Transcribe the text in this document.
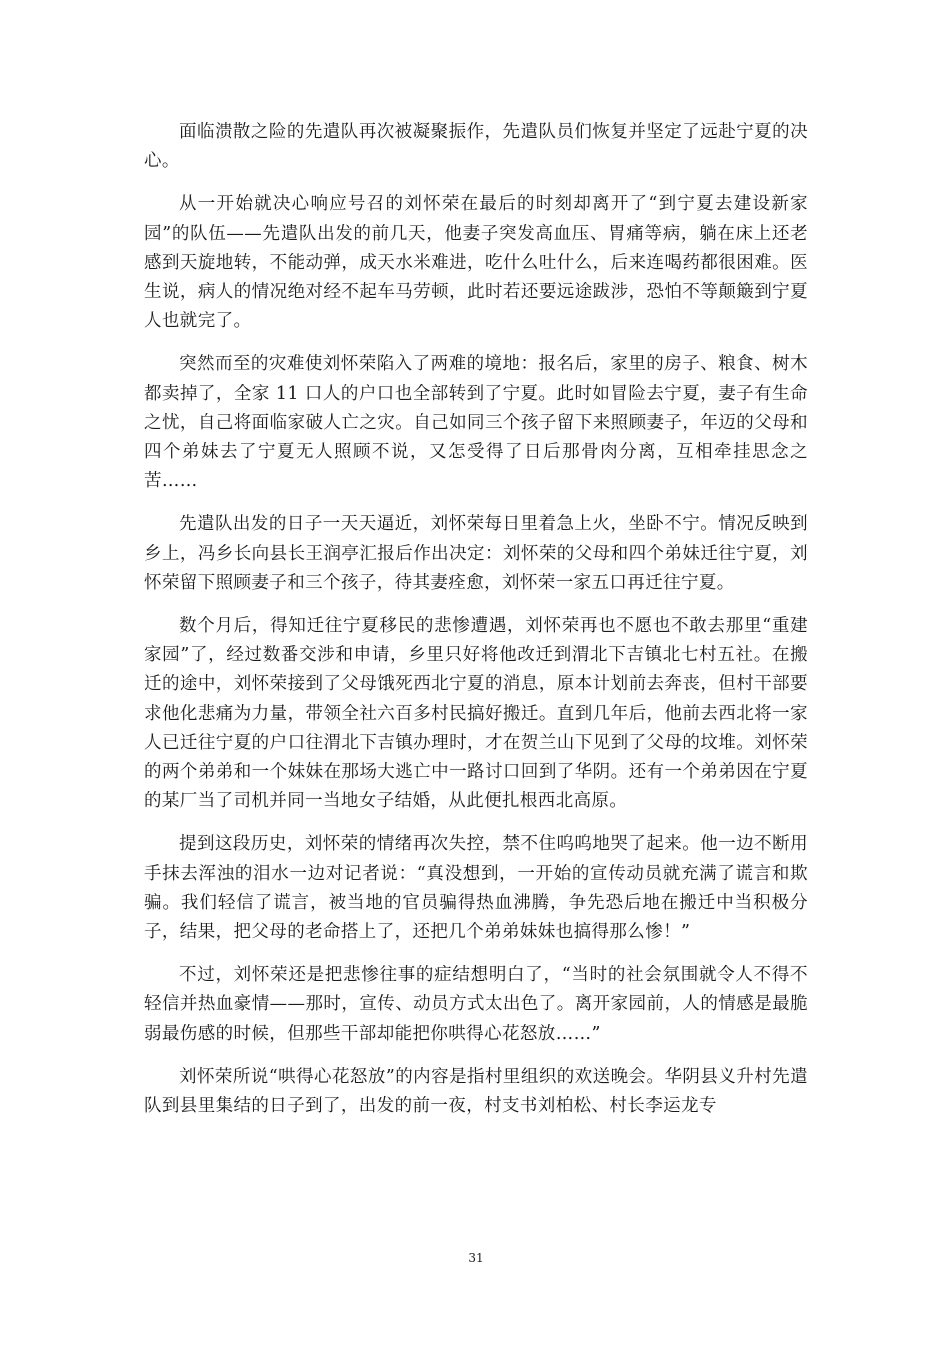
面临溃散之险的先遣队再次被凝聚振作，先遣队员们恢复并坚定了远赴宁夏的决心。

从一开始就决心响应号召的刘怀荣在最后的时刻却离开了“到宁夏去建设新家园”的队伍——先遣队出发的前几天，他妻子突发高血压、胃痛等病，躺在床上还老感到天旋地转，不能动弹，成天水米难进，吃什么吐什么，后来连喝药都很困难。医生说，病人的情况绝对经不起车马劳顿，此时若还要远途跋涉，恐怕不等颠簸到宁夏人也就完了。

突然而至的灾难使刘怀荣陷入了两难的境地：报名后，家里的房子、粮食、树木都卖掉了，全家 11 口人的户口也全部转到了宁夏。此时如冒险去宁夏，妻子有生命之忧，自己将面临家破人亡之灾。自己如同三个孩子留下来照顾妻子，年迈的父母和四个弟妹去了宁夏无人照顾不说，又怎受得了日后那骨肉分离，互相牵挂思念之苦……

先遣队出发的日子一天天逼近，刘怀荣每日里着急上火，坐卧不宁。情况反映到乡上，冯乡长向县长王润亭汇报后作出决定：刘怀荣的父母和四个弟妹迁往宁夏，刘怀荣留下照顾妻子和三个孩子，待其妻痊愈，刘怀荣一家五口再迁往宁夏。

数个月后，得知迁往宁夏移民的悲惨遭遇，刘怀荣再也不愿也不敢去那里“重建家园”了，经过数番交涉和申请，乡里只好将他改迁到渭北下吉镇北七村五社。在搬迁的途中，刘怀荣接到了父母饿死西北宁夏的消息，原本计划前去奔丧，但村干部要求他化悲痛为力量，带领全社六百多村民搞好搬迁。直到几年后，他前去西北将一家人已迁往宁夏的户口往渭北下吉镇办理时，才在贺兰山下见到了父母的坟堆。刘怀荣的两个弟弟和一个妹妹在那场大逃亡中一路讨口回到了华阴。还有一个弟弟因在宁夏的某厂当了司机并同一当地女子结婚，从此便扎根西北高原。

提到这段历史，刘怀荣的情绪再次失控，禁不住呜呜地哭了起来。他一边不断用手抹去浑浊的泪水一边对记者说：“真没想到，一开始的宣传动员就充满了谎言和欺骗。我们轻信了谎言，被当地的官员骗得热血沸腾，争先恐后地在搬迁中当积极分子，结果，把父母的老命搭上了，还把几个弟弟妹妹也搞得那么惨！”

不过，刘怀荣还是把悲惨往事的症结想明白了，“当时的社会氛围就令人不得不轻信并热血豪情——那时，宣传、动员方式太出色了。离开家园前，人的情感是最脆弱最伤感的时候，但那些干部却能把你哄得心花怒放……”

刘怀荣所说“哄得心花怒放”的内容是指村里组织的欢送晚会。华阴县义升村先遣队到县里集结的日子到了，出发的前一夜，村支书刘柏松、村长李运龙专

31
